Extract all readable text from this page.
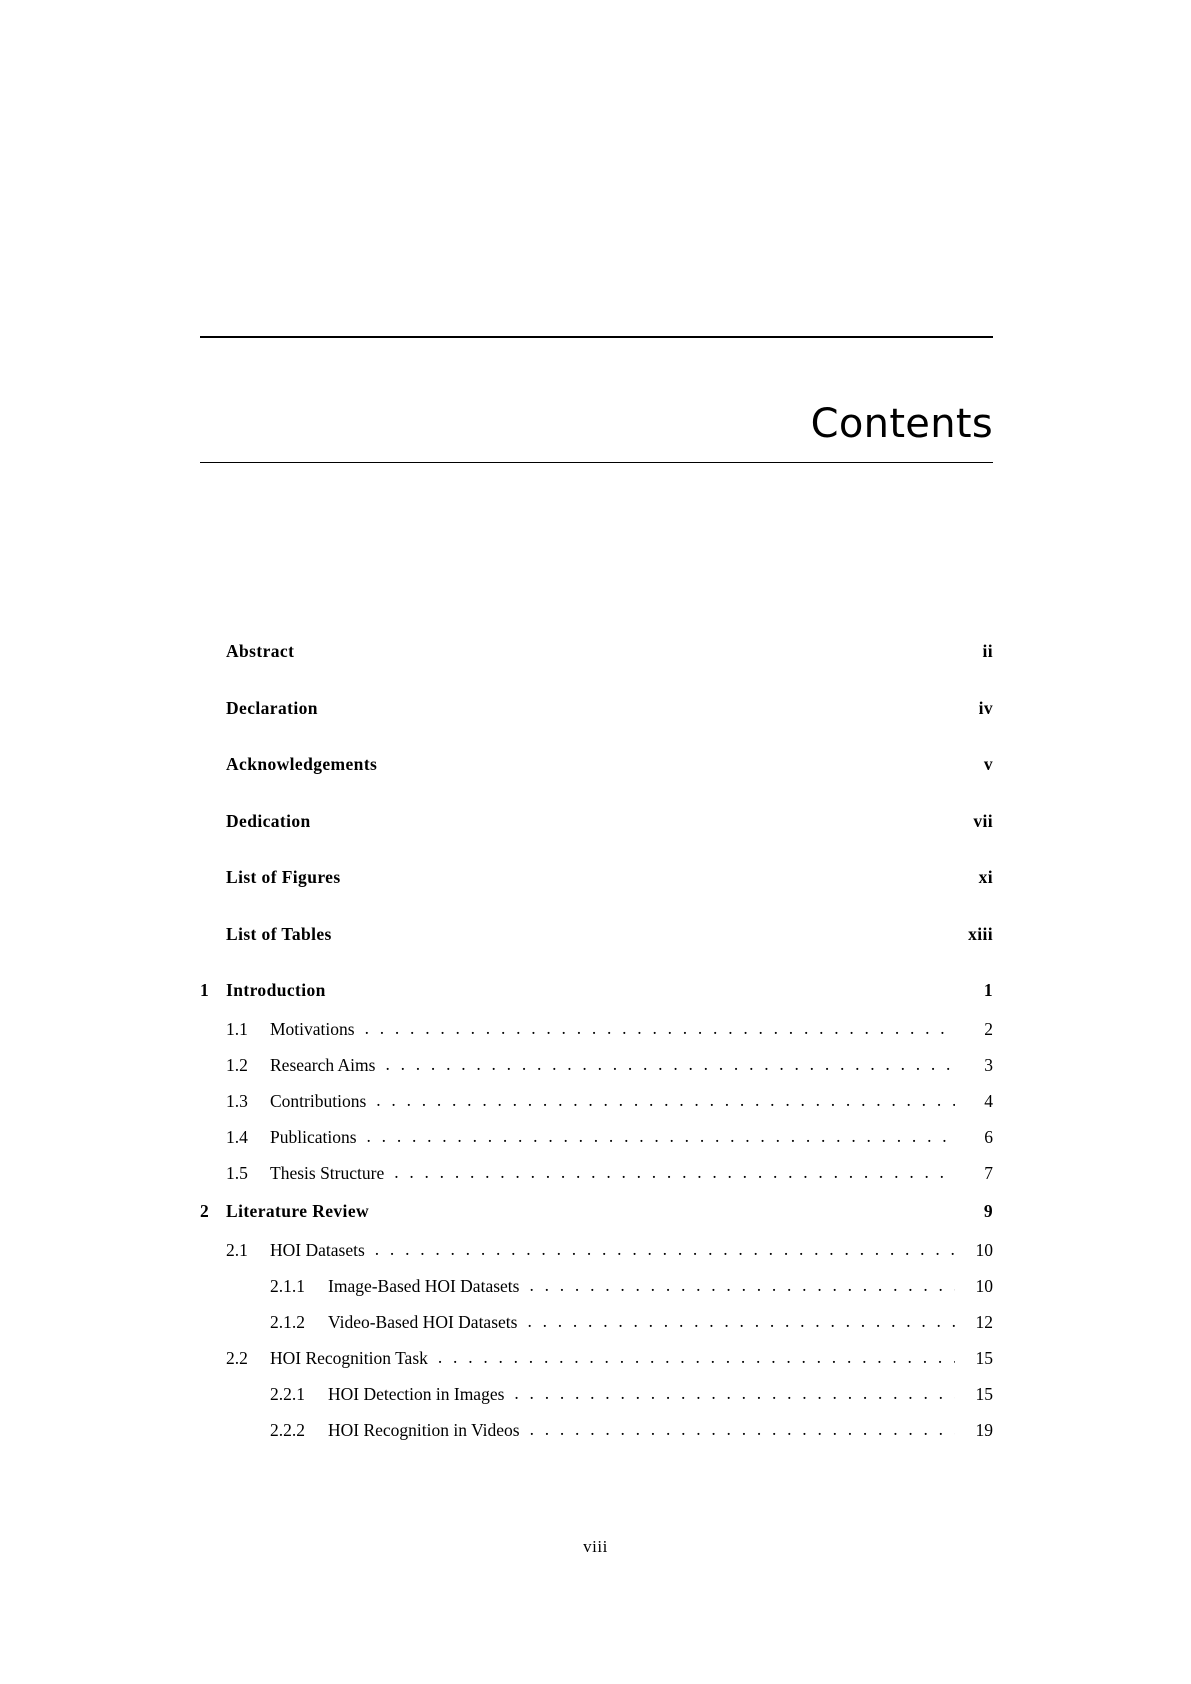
Contents
Abstract	ii
Declaration	iv
Acknowledgements	v
Dedication	vii
List of Figures	xi
List of Tables	xiii
1 Introduction	1
1.1	Motivations . . .	2
1.2	Research Aims . . .	3
1.3	Contributions . . .	4
1.4	Publications . . .	6
1.5	Thesis Structure . . .	7
2 Literature Review	9
2.1	HOI Datasets . . .	10
2.1.1	Image-Based HOI Datasets . . .	10
2.1.2	Video-Based HOI Datasets . . .	12
2.2	HOI Recognition Task . . .	15
2.2.1	HOI Detection in Images . . .	15
2.2.2	HOI Recognition in Videos . . .	19
viii
